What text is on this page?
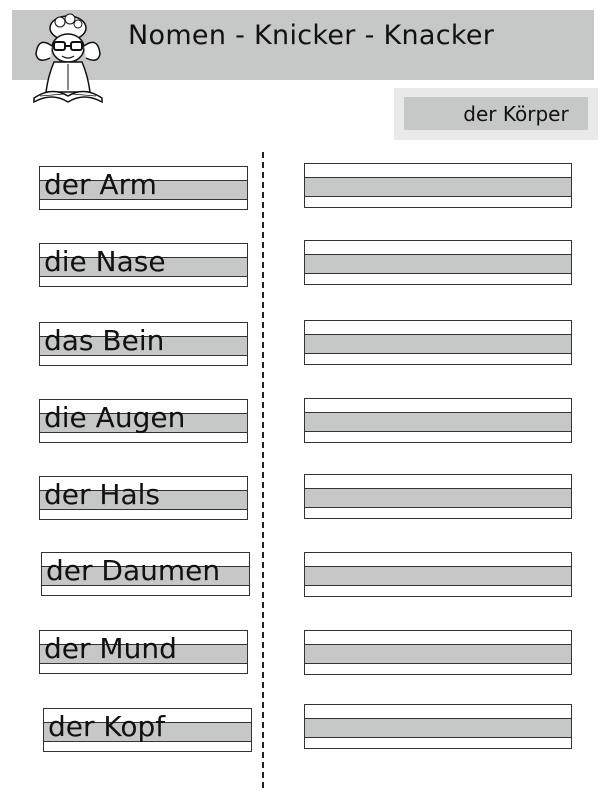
Nomen - Knicker - Knacker
der Körper
der Arm
die Nase
das Bein
die Augen
der Hals
der Daumen
der Mund
der Kopf
